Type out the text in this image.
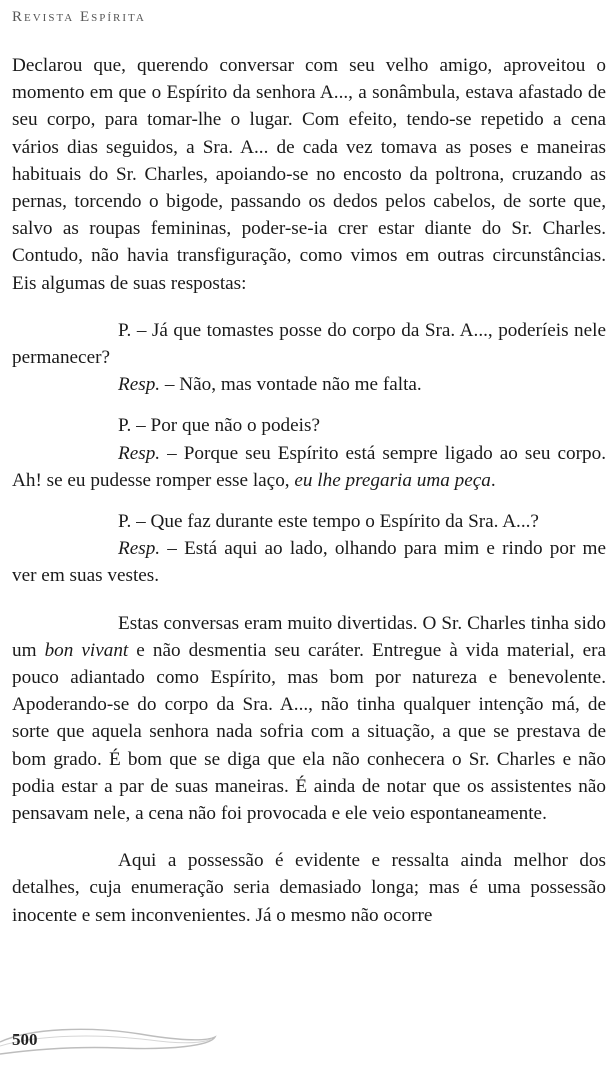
Revista Espírita

Declarou que, querendo conversar com seu velho amigo, aproveitou o momento em que o Espírito da senhora A..., a sonâmbula, estava afastado de seu corpo, para tomar-lhe o lugar. Com efeito, tendo-se repetido a cena vários dias seguidos, a Sra. A... de cada vez tomava as poses e maneiras habituais do Sr. Charles, apoiando-se no encosto da poltrona, cruzando as pernas, torcendo o bigode, passando os dedos pelos cabelos, de sorte que, salvo as roupas femininas, poder-se-ia crer estar diante do Sr. Charles. Contudo, não havia transfiguração, como vimos em outras circunstâncias. Eis algumas de suas respostas:

P. – Já que tomastes posse do corpo da Sra. A..., poderíeis nele permanecer?

Resp. – Não, mas vontade não me falta.

P. – Por que não o podeis?

Resp. – Porque seu Espírito está sempre ligado ao seu corpo. Ah! se eu pudesse romper esse laço, eu lhe pregaria uma peça.

P. – Que faz durante este tempo o Espírito da Sra. A...?

Resp. – Está aqui ao lado, olhando para mim e rindo por me ver em suas vestes.

Estas conversas eram muito divertidas. O Sr. Charles tinha sido um bon vivant e não desmentia seu caráter. Entregue à vida material, era pouco adiantado como Espírito, mas bom por natureza e benevolente. Apoderando-se do corpo da Sra. A..., não tinha qualquer intenção má, de sorte que aquela senhora nada sofria com a situação, a que se prestava de bom grado. É bom que se diga que ela não conhecera o Sr. Charles e não podia estar a par de suas maneiras. É ainda de notar que os assistentes não pensavam nele, a cena não foi provocada e ele veio espontaneamente.

Aqui a possessão é evidente e ressalta ainda melhor dos detalhes, cuja enumeração seria demasiado longa; mas é uma possessão inocente e sem inconvenientes. Já o mesmo não ocorre

500
